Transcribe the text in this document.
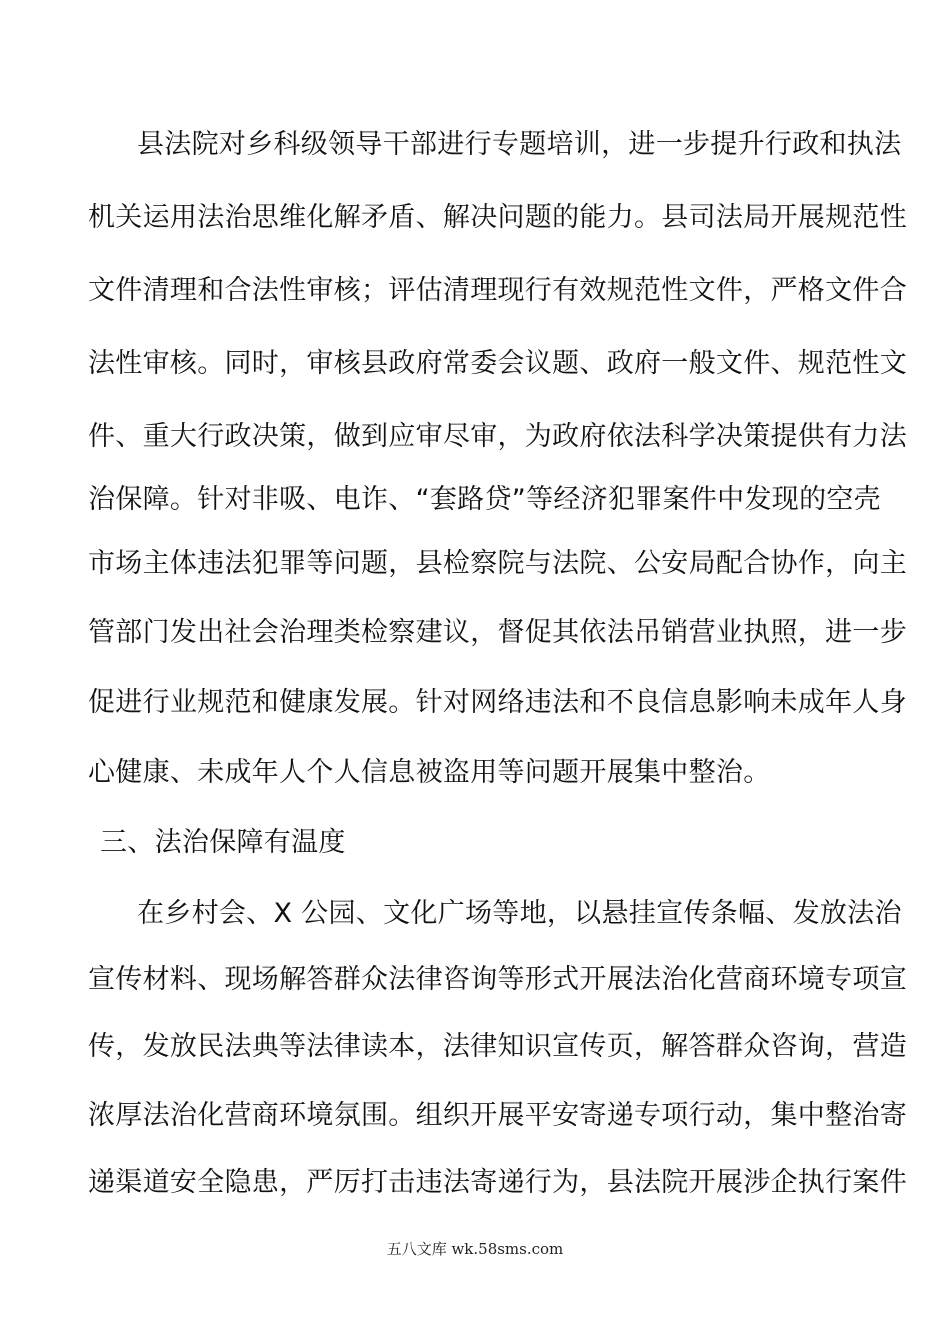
县法院对乡科级领导干部进行专题培训，进一步提升行政和执法
机关运用法治思维化解矛盾、解决问题的能力。县司法局开展规范性
文件清理和合法性审核；评估清理现行有效规范性文件，严格文件合
法性审核。同时，审核县政府常委会议题、政府一般文件、规范性文
件、重大行政决策，做到应审尽审，为政府依法科学决策提供有力法
治保障。针对非吸、电诈、“套路贷”等经济犯罪案件中发现的空壳
市场主体违法犯罪等问题，县检察院与法院、公安局配合协作，向主
管部门发出社会治理类检察建议，督促其依法吊销营业执照，进一步
促进行业规范和健康发展。针对网络违法和不良信息影响未成年人身
心健康、未成年人个人信息被盗用等问题开展集中整治。
三、法治保障有温度
在乡村会、X 公园、文化广场等地，以悬挂宣传条幅、发放法治
宣传材料、现场解答群众法律咨询等形式开展法治化营商环境专项宣
传，发放民法典等法律读本，法律知识宣传页，解答群众咨询，营造
浓厚法治化营商环境氛围。组织开展平安寄递专项行动，集中整治寄
递渠道安全隐患，严厉打击违法寄递行为，县法院开展涉企执行案件
五八文库 wk.58sms.com
